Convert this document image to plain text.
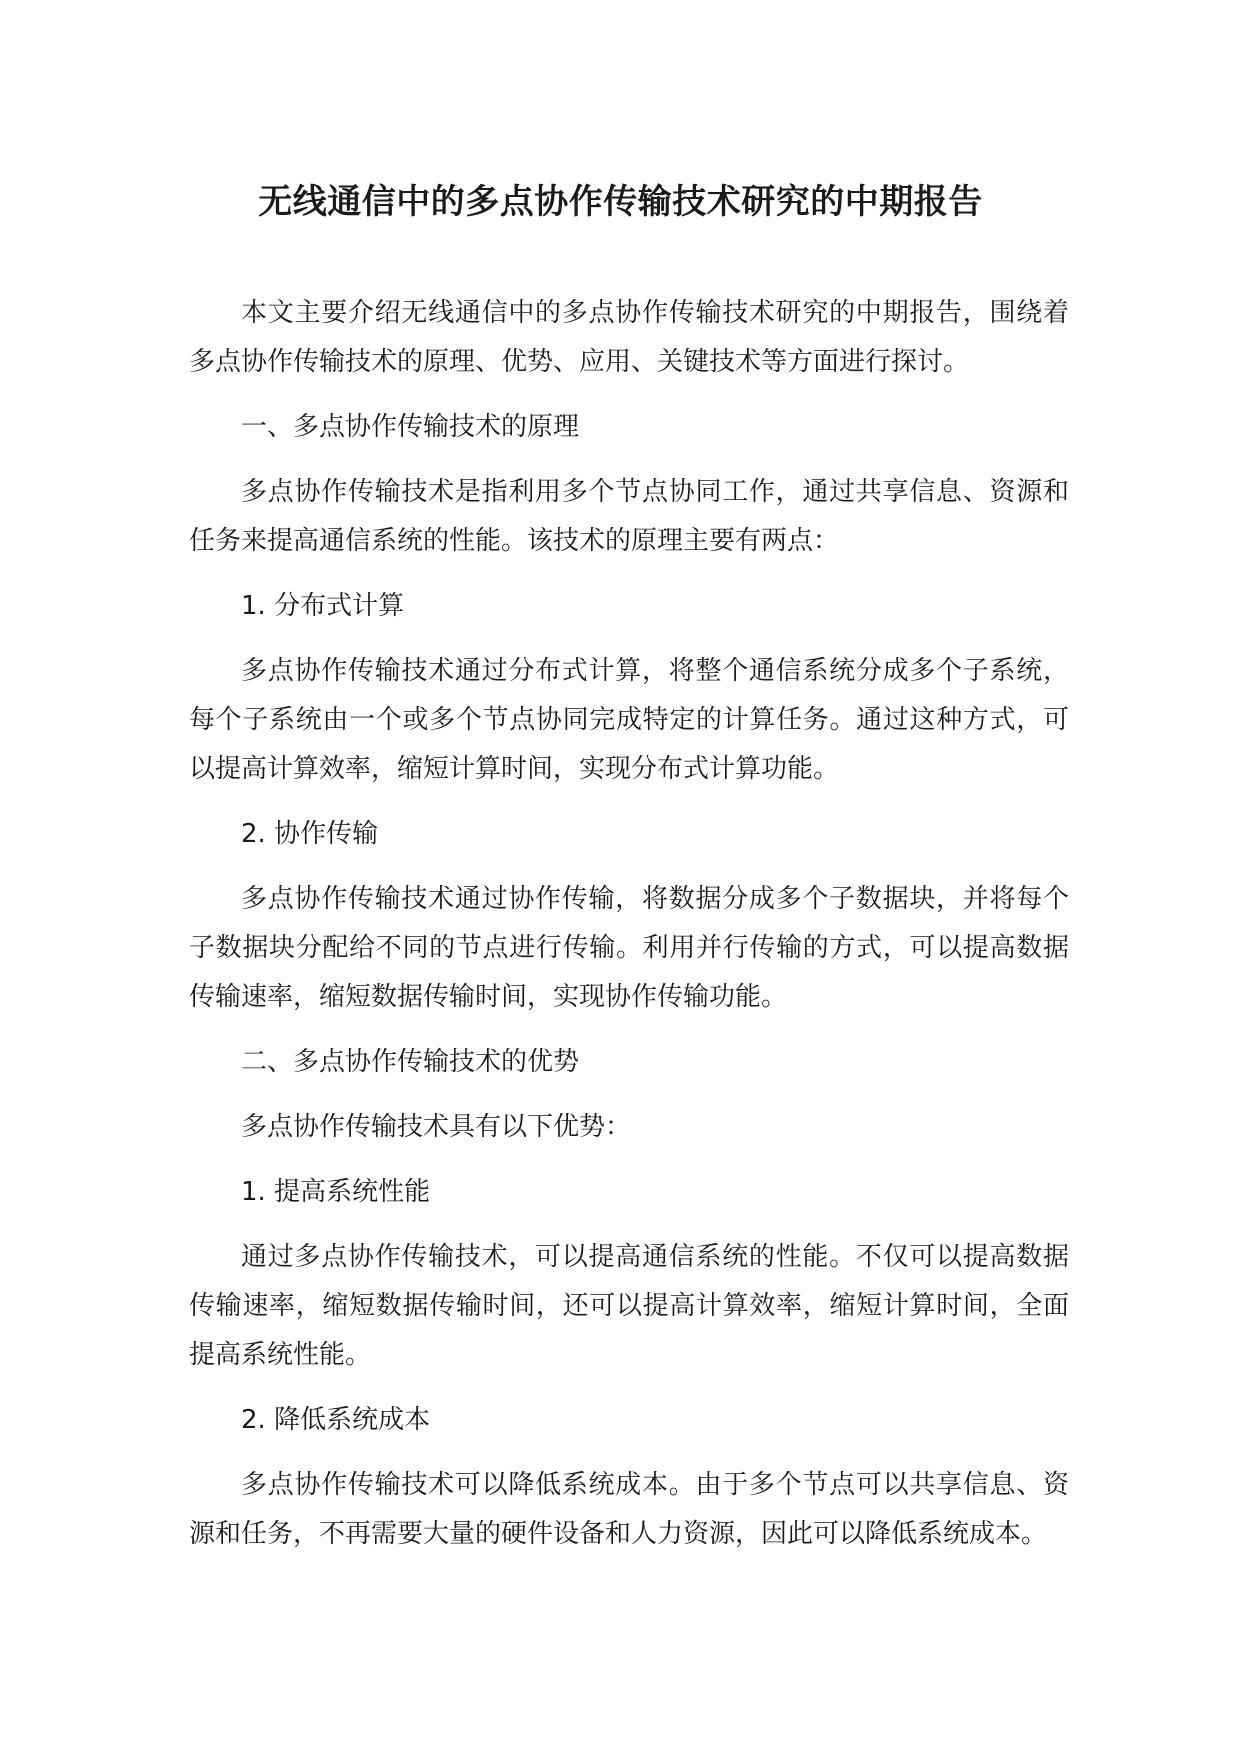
无线通信中的多点协作传输技术研究的中期报告

本文主要介绍无线通信中的多点协作传输技术研究的中期报告，围绕着多点协作传输技术的原理、优势、应用、关键技术等方面进行探讨。

一、多点协作传输技术的原理

多点协作传输技术是指利用多个节点协同工作，通过共享信息、资源和任务来提高通信系统的性能。该技术的原理主要有两点：

1. 分布式计算

多点协作传输技术通过分布式计算，将整个通信系统分成多个子系统，每个子系统由一个或多个节点协同完成特定的计算任务。通过这种方式，可以提高计算效率，缩短计算时间，实现分布式计算功能。

2. 协作传输

多点协作传输技术通过协作传输，将数据分成多个子数据块，并将每个子数据块分配给不同的节点进行传输。利用并行传输的方式，可以提高数据传输速率，缩短数据传输时间，实现协作传输功能。

二、多点协作传输技术的优势

多点协作传输技术具有以下优势：

1. 提高系统性能

通过多点协作传输技术，可以提高通信系统的性能。不仅可以提高数据传输速率，缩短数据传输时间，还可以提高计算效率，缩短计算时间，全面提高系统性能。

2. 降低系统成本

多点协作传输技术可以降低系统成本。由于多个节点可以共享信息、资源和任务，不再需要大量的硬件设备和人力资源，因此可以降低系统成本。
